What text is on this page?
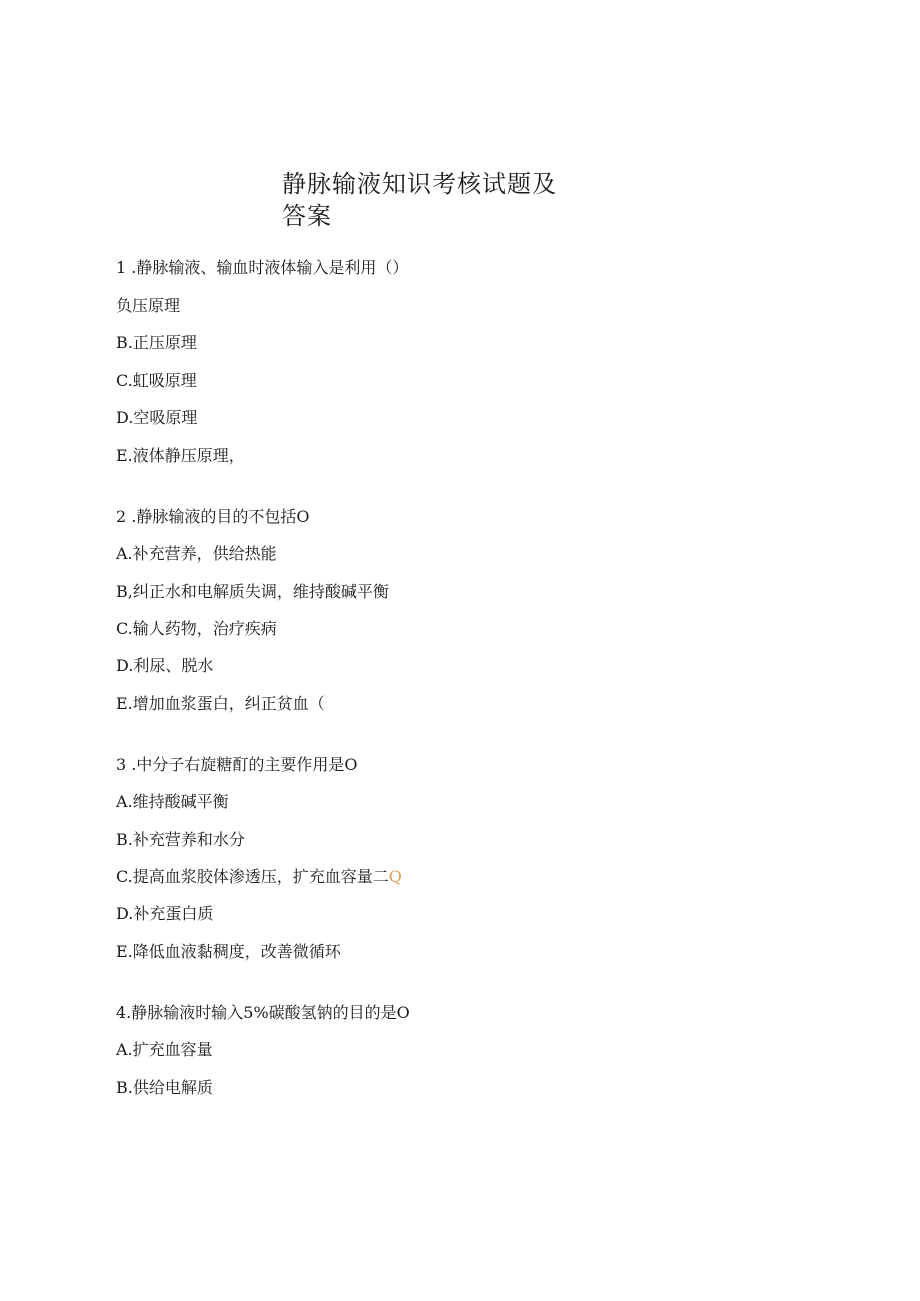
静脉输液知识考核试题及答案

1 .静脉输液、输血时液体输入是利用（）

负压原理

B.正压原理

C.虹吸原理

D.空吸原理

E.液体静压原理，

2 .静脉输液的目的不包括O

A.补充营养，供给热能

B,纠正水和电解质失调，维持酸碱平衡

C.输人药物，治疗疾病

D.利尿、脱水

E.增加血浆蛋白，纠正贫血（

3 .中分子右旋糖酊的主要作用是O

A.维持酸碱平衡

B.补充营养和水分

C.提高血浆胶体渗透压，扩充血容量二Q

D.补充蛋白质

E.降低血液黏稠度，改善微循环

4.静脉输液时输入5%碳酸氢钠的目的是O

A.扩充血容量

B.供给电解质
